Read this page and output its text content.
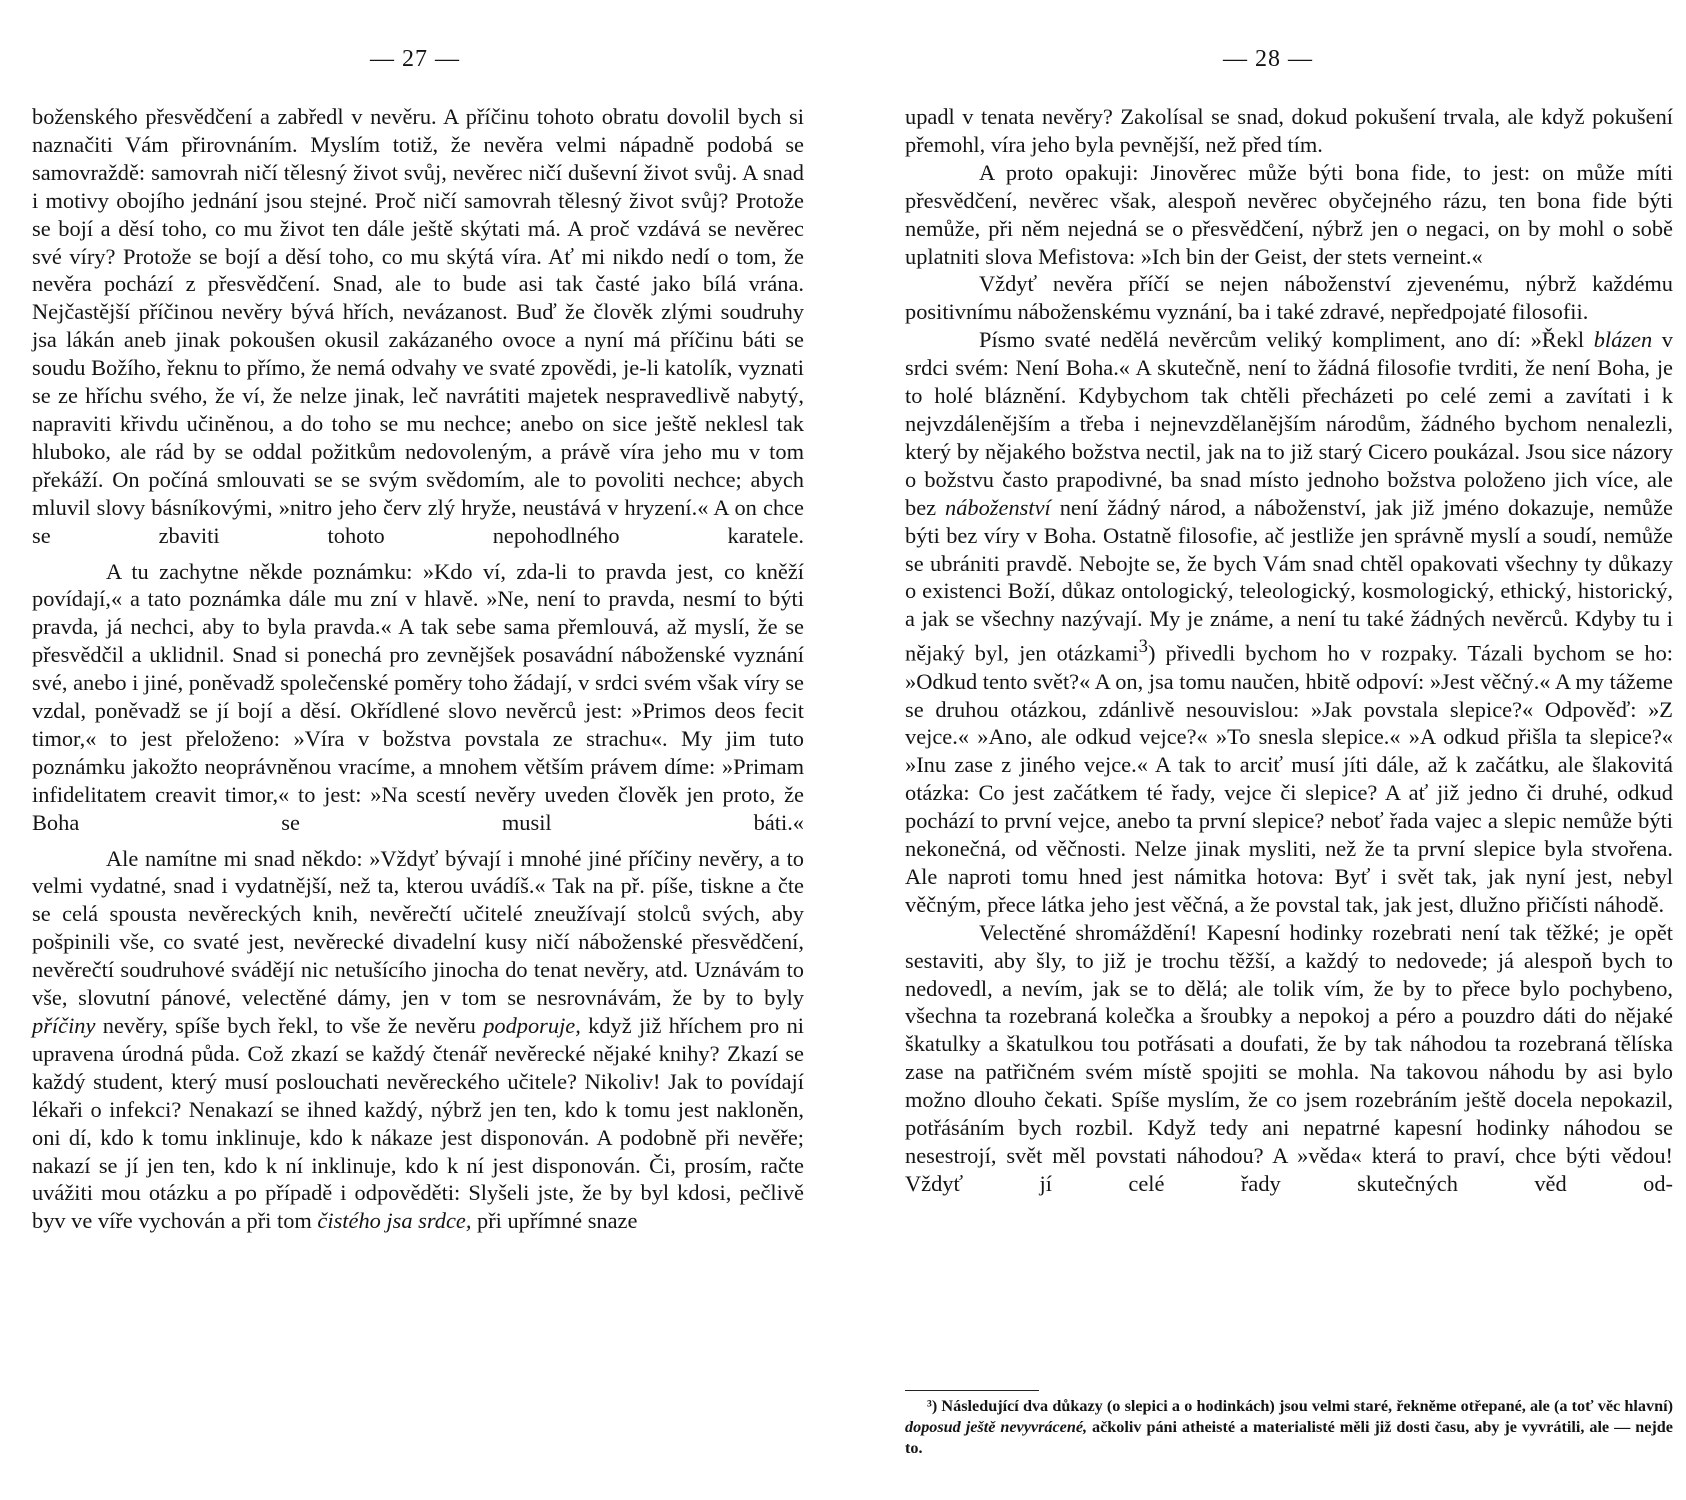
— 27 —

boženského přesvědčení a zabředl v nevěru. A příčinu tohoto obratu dovolil bych si naznačiti Vám přirovnáním. Myslím totiž, že nevěra velmi nápadně podobá se samovraždě: samovrah ničí tělesný život svůj, nevěrec ničí duševní život svůj. A snad i motivy obojího jednání jsou stejné. Proč ničí samovrah tělesný život svůj? Protože se bojí a děsí toho, co mu život ten dále ještě skýtati má. A proč vzdává se nevěrec své víry? Protože se bojí a děsí toho, co mu skýtá víra. Ať mi nikdo nedí o tom, že nevěra pochází z přesvědčení. Snad, ale to bude asi tak časté jako bílá vrána. Nejčastější příčinou nevěry bývá hřích, nevázanost. Buď že člověk zlými soudruhy jsa lákán aneb jinak pokoušen okusil zakázaného ovoce a nyní má příčinu báti se soudu Božího, řeknu to přímo, že nemá odvahy ve svaté zpovědi, je-li katolík, vyznati se ze hříchu svého, že ví, že nelze jinak, leč navrátiti majetek nespravedlivě nabytý, napraviti křivdu učiněnou, a do toho se mu nechce; anebo on sice ještě neklesl tak hluboko, ale rád by se oddal požitkům nedovoleným, a právě víra jeho mu v tom překáží. On počíná smlouvati se se svým svědomím, ale to povoliti nechce; abych mluvil slovy básníkovými, »nitro jeho červ zlý hryže, neustává v hryzení.« A on chce se zbaviti tohoto nepohodlného karatele.

A tu zachytne někde poznámku: »Kdo ví, zda-li to pravda jest, co kněží povídají,« a tato poznámka dále mu zní v hlavě. »Ne, není to pravda, nesmí to býti pravda, já nechci, aby to byla pravda.« A tak sebe sama přemlouvá, až myslí, že se přesvědčil a uklidnil. Snad si ponechá pro zevnějšek posavádní náboženské vyznání své, anebo i jiné, poněvadž společenské poměry toho žádají, v srdci svém však víry se vzdal, poněvadž se jí bojí a děsí. Okřídlené slovo nevěrců jest: »Primos deos fecit timor,« to jest přeloženo: »Víra v božstva povstala ze strachu«. My jim tuto poznámku jakožto neoprávněnou vracíme, a mnohem větším právem díme: »Primam infidelitatem creavit timor,« to jest: »Na scestí nevěry uveden člověk jen proto, že Boha se musil báti.«

Ale namítne mi snad někdo: »Vždyť bývají i mnohé jiné příčiny nevěry, a to velmi vydatné, snad i vydatnější, než ta, kterou uvádíš.« Tak na př. píše, tiskne a čte se celá spousta nevěreckých knih, nevěrečtí učitelé zneužívají stolců svých, aby pošpinili vše, co svaté jest, nevěrecké divadelní kusy ničí náboženské přesvědčení, nevěrečtí soudruhové svádějí nic netušícího jinocha do tenat nevěry, atd. Uznávám to vše, slovutní pánové, velectěné dámy, jen v tom se nesrovnávám, že by to byly příčiny nevěry, spíše bych řekl, to vše že nevěru podporuje, když již hříchem pro ni upravena úrodná půda. Což zkazí se každý čtenář nevěrecké nějaké knihy? Zkazí se každý student, který musí poslouchati nevěreckého učitele? Nikoliv! Jak to povídají lékaři o infekci? Nenakazí se ihned každý, nýbrž jen ten, kdo k tomu jest nakloněn, oni dí, kdo k tomu inklinuje, kdo k nákaze jest disponován. A podobně při nevěře; nakazí se jí jen ten, kdo k ní inklinuje, kdo k ní jest disponován. Či, prosím, račte uvážiti mou otázku a po případě i odpověděti: Slyšeli jste, že by byl kdosi, pečlivě byv ve víře vychován a při tom čistého jsa srdce, při upřímné snaze

— 28 —

upadl v tenata nevěry? Zakolísal se snad, dokud pokušení trvala, ale když pokušení přemohl, víra jeho byla pevnější, než před tím.

A proto opakuji: Jinověrec může býti bona fide, to jest: on může míti přesvědčení, nevěrec však, alespoň nevěrec obyčejného rázu, ten bona fide býti nemůže, při něm nejedná se o přesvědčení, nýbrž jen o negaci, on by mohl o sobě uplatniti slova Mefistova: »Ich bin der Geist, der stets verneint.«

Vždyť nevěra příčí se nejen náboženství zjevenému, nýbrž každému positivnímu náboženskému vyznání, ba i také zdravé, nepředpojaté filosofii.

Písmo svaté nedělá nevěrcům veliký kompliment, ano dí: »Řekl blázen v srdci svém: Není Boha.« A skutečně, není to žádná filosofie tvrditi, že není Boha, je to holé bláznění. Kdybychom tak chtěli přecházeti po celé zemi a zavítati i k nejvzdálenějším a třeba i nejnevzdělanějším národům, žádného bychom nenalezli, který by nějakého božstva nectil, jak na to již starý Cicero poukázal. Jsou sice názory o božstvu často prapodivné, ba snad místo jednoho božstva položeno jich více, ale bez náboženství není žádný národ, a náboženství, jak již jméno dokazuje, nemůže býti bez víry v Boha. Ostatně filosofie, ač jestliže jen správně myslí a soudí, nemůže se ubrániti pravdě. Nebojte se, že bych Vám snad chtěl opakovati všechny ty důkazy o existenci Boží, důkaz ontologický, teleologický, kosmologický, ethický, historický, a jak se všechny nazývají. My je známe, a není tu také žádných nevěrců. Kdyby tu i nějaký byl, jen otázkami$^3$) přivedli bychom ho v rozpaky. Tázali bychom se ho: »Odkud tento svět?« A on, jsa tomu naučen, hbitě odpoví: »Jest věčný.« A my tážeme se druhou otázkou, zdánlivě nesouvislou: »Jak povstala slepice?« Odpověď: »Z vejce.« »Ano, ale odkud vejce?« »To snesla slepice.« »A odkud přišla ta slepice?« »Inu zase z jiného vejce.« A tak to arciť musí jíti dále, až k začátku, ale šlakovitá otázka: Co jest začátkem té řady, vejce či slepice? A ať již jedno či druhé, odkud pochází to první vejce, anebo ta první slepice? neboť řada vajec a slepic nemůže býti nekonečná, od věčnosti. Nelze jinak mysliti, než že ta první slepice byla stvořena. Ale naproti tomu hned jest námitka hotova: Byť i svět tak, jak nyní jest, nebyl věčným, přece látka jeho jest věčná, a že povstal tak, jak jest, dlužno přičísti náhodě.

Velectěné shromáždění! Kapesní hodinky rozebrati není tak těžké; je opět sestaviti, aby šly, to již je trochu těžší, a každý to nedovede; já alespoň bych to nedovedl, a nevím, jak se to dělá; ale tolik vím, že by to přece bylo pochybeno, všechna ta rozebraná kolečka a šroubky a nepokoj a péro a pouzdro dáti do nějaké škatulky a škatulkou tou potřásati a doufati, že by tak náhodou ta rozebraná tělíska zase na patřičném svém místě spojiti se mohla. Na takovou náhodu by asi bylo možno dlouho čekati. Spíše myslím, že co jsem rozebráním ještě docela nepokazil, potřásáním bych rozbil. Když tedy ani nepatrné kapesní hodinky náhodou se nesestrojí, svět měl povstati náhodou? A »věda« která to praví, chce býti vědou! Vždyť jí celé řady skutečných věd od-

³) Následující dva důkazy (o slepici a o hodinkách) jsou velmi staré, řekněme otřepané, ale (a toť věc hlavní) doposud ještě nevyvrácené, ačkoliv páni atheisté a materialisté měli již dosti času, aby je vyvrátili, ale — nejde to.
